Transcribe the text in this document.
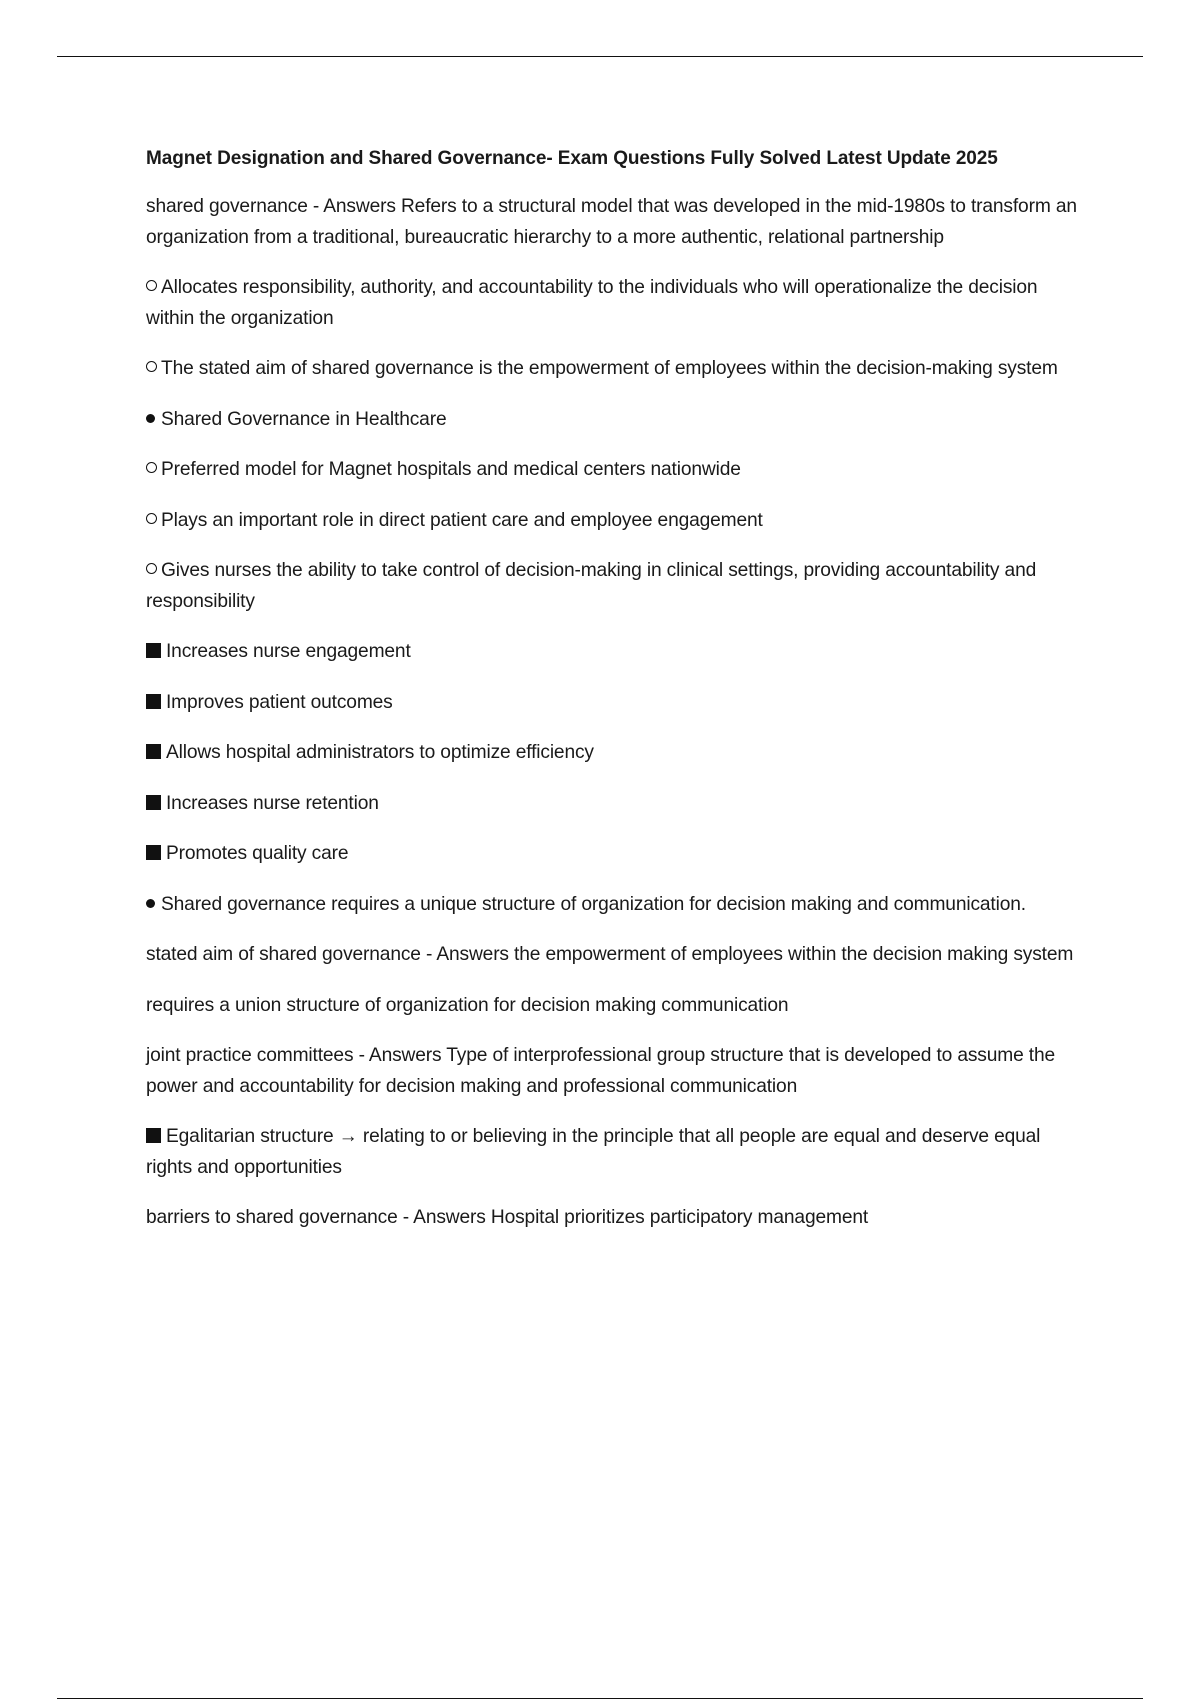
Magnet Designation and Shared Governance- Exam Questions Fully Solved Latest Update 2025
shared governance - Answers Refers to a structural model that was developed in the mid-1980s to transform an organization from a traditional, bureaucratic hierarchy to a more authentic, relational partnership
Allocates responsibility, authority, and accountability to the individuals who will operationalize the decision within the organization
The stated aim of shared governance is the empowerment of employees within the decision-making system
Shared Governance in Healthcare
Preferred model for Magnet hospitals and medical centers nationwide
Plays an important role in direct patient care and employee engagement
Gives nurses the ability to take control of decision-making in clinical settings, providing accountability and responsibility
Increases nurse engagement
Improves patient outcomes
Allows hospital administrators to optimize efficiency
Increases nurse retention
Promotes quality care
Shared governance requires a unique structure of organization for decision making and communication.
stated aim of shared governance - Answers the empowerment of employees within the decision making system
requires a union structure of organization for decision making communication
joint practice committees - Answers Type of interprofessional group structure that is developed to assume the power and accountability for decision making and professional communication
Egalitarian structure → relating to or believing in the principle that all people are equal and deserve equal rights and opportunities
barriers to shared governance - Answers Hospital prioritizes participatory management
